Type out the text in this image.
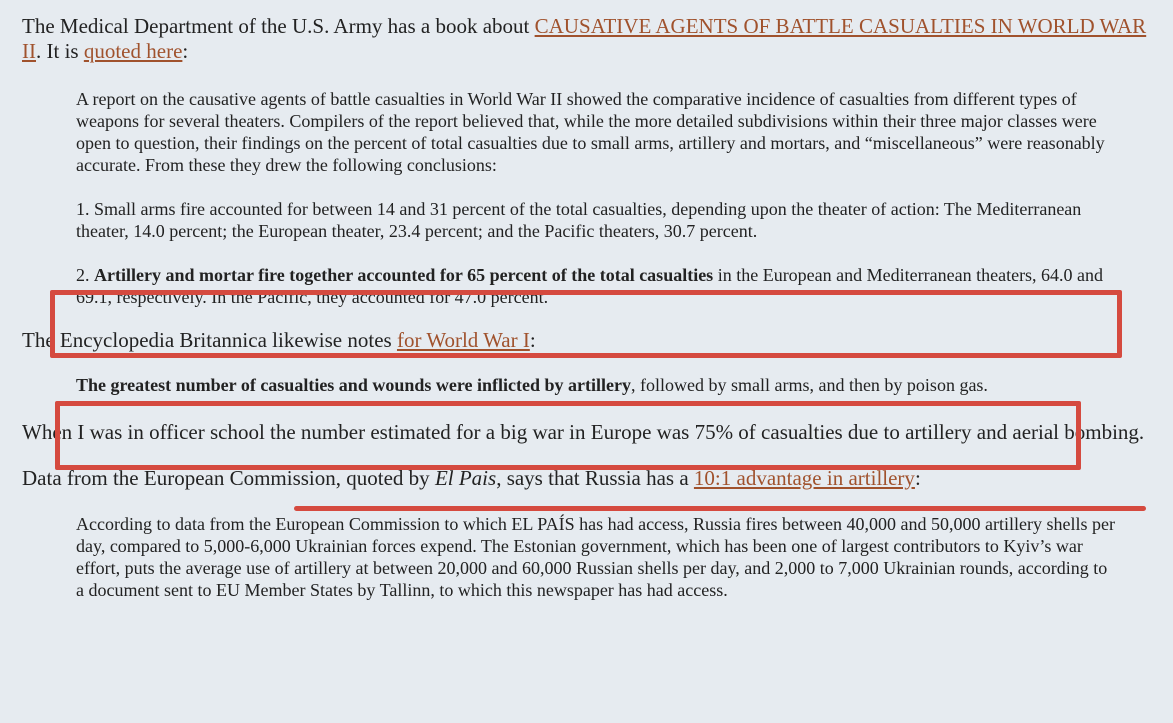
The Medical Department of the U.S. Army has a book about CAUSATIVE AGENTS OF BATTLE CASUALTIES IN WORLD WAR II. It is quoted here:

A report on the causative agents of battle casualties in World War II showed the comparative incidence of casualties from different types of weapons for several theaters. Compilers of the report believed that, while the more detailed subdivisions within their three major classes were open to question, their findings on the percent of total casualties due to small arms, artillery and mortars, and “miscellaneous” were reasonably accurate. From these they drew the following conclusions:

1. Small arms fire accounted for between 14 and 31 percent of the total casualties, depending upon the theater of action: The Mediterranean theater, 14.0 percent; the European theater, 23.4 percent; and the Pacific theaters, 30.7 percent.

2. Artillery and mortar fire together accounted for 65 percent of the total casualties in the European and Mediterranean theaters, 64.0 and 69.1, respectively. In the Pacific, they accounted for 47.0 percent.

The Encyclopedia Britannica likewise notes for World War I:

The greatest number of casualties and wounds were inflicted by artillery, followed by small arms, and then by poison gas.

When I was in officer school the number estimated for a big war in Europe was 75% of casualties due to artillery and aerial bombing.

Data from the European Commission, quoted by El Pais, says that Russia has a 10:1 advantage in artillery:

According to data from the European Commission to which EL PAÍS has had access, Russia fires between 40,000 and 50,000 artillery shells per day, compared to 5,000-6,000 Ukrainian forces expend. The Estonian government, which has been one of largest contributors to Kyiv’s war effort, puts the average use of artillery at between 20,000 and 60,000 Russian shells per day, and 2,000 to 7,000 Ukrainian rounds, according to a document sent to EU Member States by Tallinn, to which this newspaper has had access.
